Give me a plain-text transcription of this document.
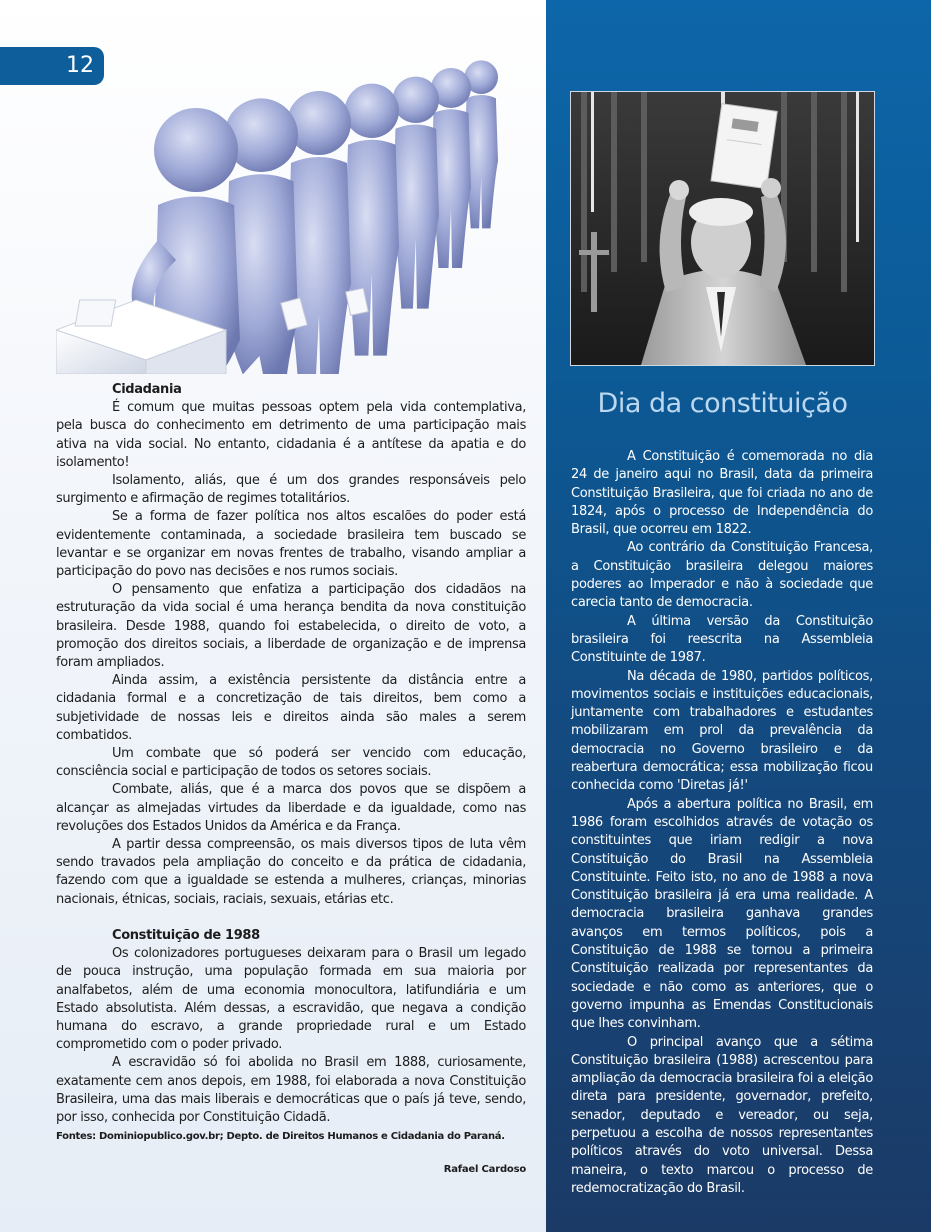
12
Dia da constituição
Cidadania

É comum que muitas pessoas optem pela vida contemplativa, pela busca do conhecimento em detrimento de uma participação mais ativa na vida social. No entanto, cidadania é a antítese da apatia e do isolamento!

Isolamento, aliás, que é um dos grandes responsáveis pelo surgimento e afirmação de regimes totalitários.

Se a forma de fazer política nos altos escalões do poder está evidentemente contaminada, a sociedade brasileira tem buscado se levantar e se organizar em novas frentes de trabalho, visando ampliar a participação do povo nas decisões e nos rumos sociais.

O pensamento que enfatiza a participação dos cidadãos na estruturação da vida social é uma herança bendita da nova constituição brasileira. Desde 1988, quando foi estabelecida, o direito de voto, a promoção dos direitos sociais, a liberdade de organização e de imprensa foram ampliados.

Ainda assim, a existência persistente da distância entre a cidadania formal e a concretização de tais direitos, bem como a subjetividade de nossas leis e direitos ainda são males a serem combatidos.

Um combate que só poderá ser vencido com educação, consciência social e participação de todos os setores sociais.

Combate, aliás, que é a marca dos povos que se dispõem a alcançar as almejadas virtudes da liberdade e da igualdade, como nas revoluções dos Estados Unidos da América e da França.

A partir dessa compreensão, os mais diversos tipos de luta vêm sendo travados pela ampliação do conceito e da prática de cidadania, fazendo com que a igualdade se estenda a mulheres, crianças, minorias nacionais, étnicas, sociais, raciais, sexuais, etárias etc.

Constituição de 1988

Os colonizadores portugueses deixaram para o Brasil um legado de pouca instrução, uma população formada em sua maioria por analfabetos, além de uma economia monocultora, latifundiária e um Estado absolutista. Além dessas, a escravidão, que negava a condição humana do escravo, a grande propriedade rural e um Estado comprometido com o poder privado.

A escravidão só foi abolida no Brasil em 1888, curiosamente, exatamente cem anos depois, em 1988, foi elaborada a nova Constituição Brasileira, uma das mais liberais e democráticas que o país já teve, sendo, por isso, conhecida por Constituição Cidadã.

Fontes: Dominiopublico.gov.br; Depto. de Direitos Humanos e Cidadania do Paraná.
Rafael Cardoso

A Constituição é comemorada no dia 24 de janeiro aqui no Brasil, data da primeira Constituição Brasileira, que foi criada no ano de 1824, após o processo de Independência do Brasil, que ocorreu em 1822.

Ao contrário da Constituição Francesa, a Constituição brasileira delegou maiores poderes ao Imperador e não à sociedade que carecia tanto de democracia.

A última versão da Constituição brasileira foi reescrita na Assembleia Constituinte de 1987.

Na década de 1980, partidos políticos, movimentos sociais e instituições educacionais, juntamente com trabalhadores e estudantes mobilizaram em prol da prevalência da democracia no Governo brasileiro e da reabertura democrática; essa mobilização ficou conhecida como 'Diretas já!'

Após a abertura política no Brasil, em 1986 foram escolhidos através de votação os constituintes que iriam redigir a nova Constituição do Brasil na Assembleia Constituinte. Feito isto, no ano de 1988 a nova Constituição brasileira já era uma realidade. A democracia brasileira ganhava grandes avanços em termos políticos, pois a Constituição de 1988 se tornou a primeira Constituição realizada por representantes da sociedade e não como as anteriores, que o governo impunha as Emendas Constitucionais que lhes convinham.

O principal avanço que a sétima Constituição brasileira (1988) acrescentou para ampliação da democracia brasileira foi a eleição direta para presidente, governador, prefeito, senador, deputado e vereador, ou seja, perpetuou a escolha de nossos representantes políticos através do voto universal. Dessa maneira, o texto marcou o processo de redemocratização do Brasil.
